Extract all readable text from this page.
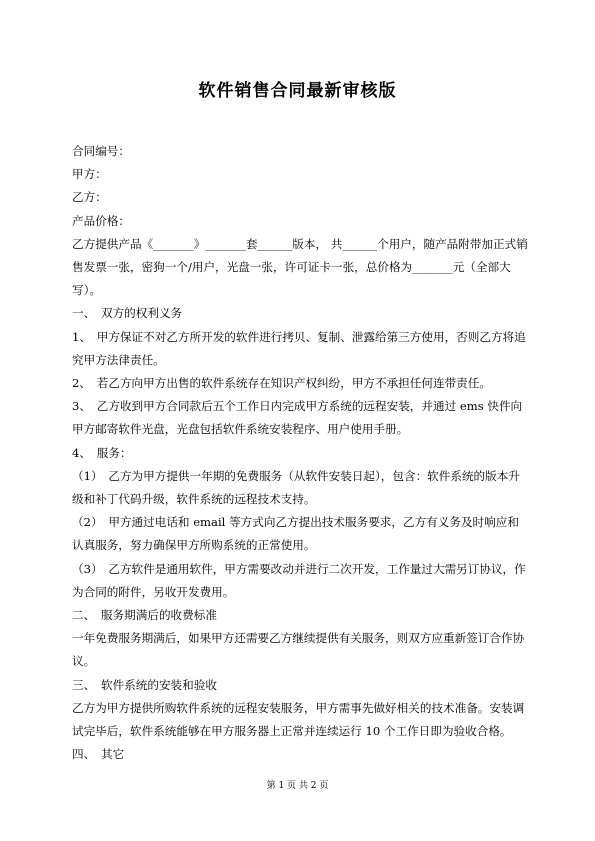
软件销售合同最新审核版

合同编号：

甲方：

乙方：

产品价格：

乙方提供产品《_______》_______套______版本， 共______个用户，随产品附带加正式销售发票一张，密狗一个/用户，光盘一张，许可证卡一张，总价格为_______元（全部大写）。

一、　双方的权利义务

1、　甲方保证不对乙方所开发的软件进行拷贝、复制、泄露给第三方使用，否则乙方将追究甲方法律责任。

2、　若乙方向甲方出售的软件系统存在知识产权纠纷，甲方不承担任何连带责任。

3、　乙方收到甲方合同款后五个工作日内完成甲方系统的远程安装，并通过 ems 快件向甲方邮寄软件光盘，光盘包括软件系统安装程序、用户使用手册。

4、　服务：

（1）　乙方为甲方提供一年期的免费服务（从软件安装日起），包含：软件系统的版本升级和补丁代码升级，软件系统的远程技术支持。

（2）　甲方通过电话和 email 等方式向乙方提出技术服务要求，乙方有义务及时响应和认真服务，努力确保甲方所购系统的正常使用。

（3）　乙方软件是通用软件，甲方需要改动并进行二次开发，工作量过大需另订协议，作为合同的附件，另收开发费用。

二、　服务期满后的收费标准

一年免费服务期满后，如果甲方还需要乙方继续提供有关服务，则双方应重新签订合作协议。

三、　软件系统的安装和验收

乙方为甲方提供所购软件系统的远程安装服务，甲方需事先做好相关的技术准备。安装调试完毕后，软件系统能够在甲方服务器上正常并连续运行 10 个工作日即为验收合格。

四、　其它

第 1 页 共 2 页
